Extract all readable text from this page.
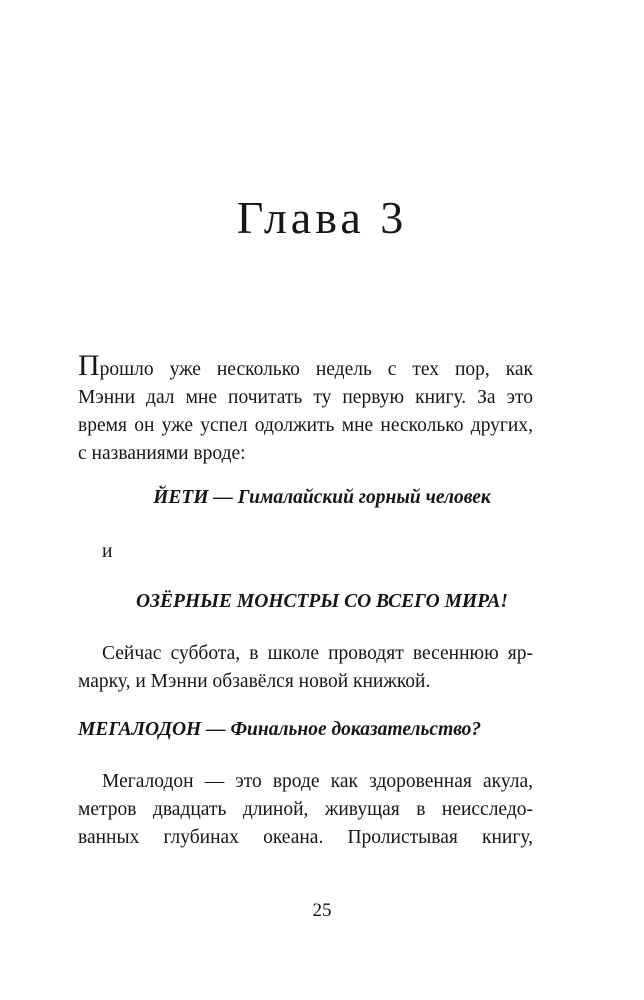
Глава 3

Прошло уже несколько недель с тех пор, как
Мэнни дал мне почитать ту первую книгу. За это
время он уже успел одолжить мне несколько других,
с названиями вроде:

ЙЕТИ — Гималайский горный человек

и

ОЗЁРНЫЕ МОНСТРЫ СО ВСЕГО МИРА!

Сейчас суббота, в школе проводят весеннюю яр-
марку, и Мэнни обзавёлся новой книжкой.

МЕГАЛОДОН — Финальное доказательство?

Мегалодон — это вроде как здоровенная акула,
метров двадцать длиной, живущая в неисследо-
ванных глубинах океана. Пролистывая книгу,

25
